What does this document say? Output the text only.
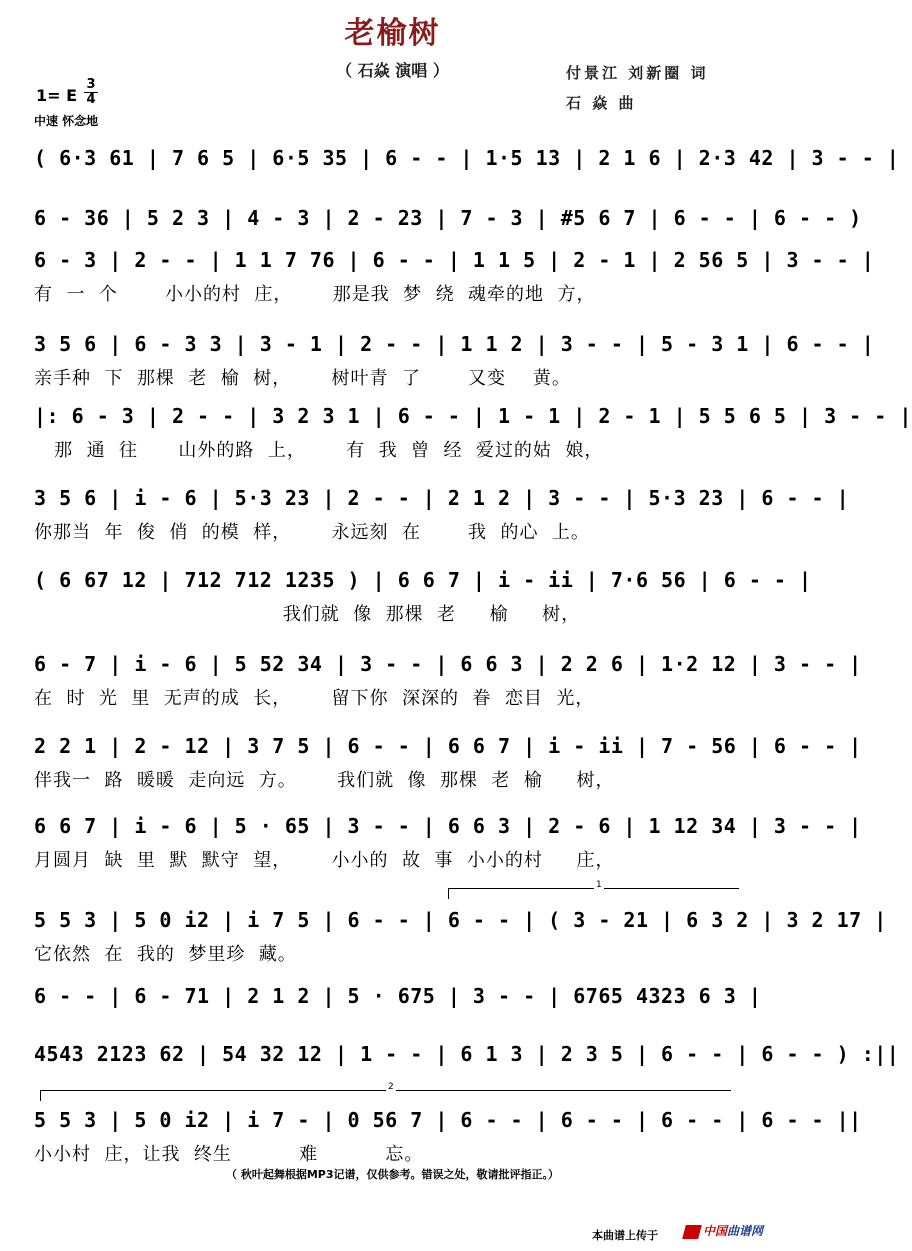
老榆树
（ 石焱 演唱 ）	付景江 刘新圈 词
石 焱 曲
1= E $\frac{3}{4}$
中速 怀念地
( 6·3 61 | 7 6 5 | 6·5 35 | 6 - - | 1·5 13 | 2 1 6 | 2·3 42 | 3 - - |
6 - 36 | 5 2 3 | 4 - 3 | 2 - 23 | 7 - 3 | #5 6 7 | 6 - - | 6 - - )
6 - 3 | 2 - - | 1 1 7 76 | 6 - - | 1 1 5 | 2 - 1 | 2 56 5 | 3 - - |
有  一  个       小小的村  庄，      那是我  梦  绕  魂牵的地  方，
3 5 6 | 6 - 3 3 | 3 - 1 | 2 - - | 1 1 2 | 3 - - | 5 - 3 1 | 6 - - |
亲手种  下  那棵  老  榆  树，      树叶青  了       又变    黄。
|: 6 - 3 | 2 - - | 3 2 3 1 | 6 - - | 1 - 1 | 2 - 1 | 5 5 6 5 | 3 - - |
那  通  往      山外的路  上，      有  我  曾  经  爱过的姑  娘，
3 5 6 | i - 6 | 5·3 23 | 2 - - | 2 1 2 | 3 - - | 5·3 23 | 6 - - |
你那当  年  俊  俏  的模  样，      永远刻  在       我  的心  上。
( 6 67 12 | 712 712 1235 ) | 6 6 7 | i - ii | 7·6 56 | 6 - - |
我们就  像  那棵  老     榆     树，
6 - 7 | i - 6 | 5 52 34 | 3 - - | 6 6 3 | 2 2 6 | 1·2 12 | 3 - - |
在  时  光  里  无声的成  长，      留下你  深深的  眷  恋目  光，
2 2 1 | 2 - 12 | 3 7 5 | 6 - - | 6 6 7 | i - ii | 7 - 56 | 6 - - |
伴我一  路  暖暖  走向远  方。      我们就  像  那棵  老  榆     树，
6 6 7 | i - 6 | 5 · 65 | 3 - - | 6 6 3 | 2 - 6 | 1 12 34 | 3 - - |
月圆月  缺  里  默  默守  望，      小小的  故  事  小小的村     庄，
1
5 5 3 | 5 0 i2 | i 7 5 | 6 - - | 6 - - | ( 3 - 21 | 6 3 2 | 3 2 17 |
它依然  在  我的  梦里珍  藏。
6 - - | 6 - 71 | 2 1 2 | 5 · 675 | 3 - - | 6765 4323 6 3 |
4543 2123 62 | 54 32 12 | 1 - - | 6 1 3 | 2 3 5 | 6 - - | 6 - - ) :||
2
5 5 3 | 5 0 i2 | i 7 - | 0 56 7 | 6 - - | 6 - - | 6 - - | 6 - - ||
小小村  庄，让我  终生          难          忘。
（ 秋叶起舞根据MP3记谱，仅供参考。错误之处，敬请批评指正。）
本曲谱上传于	中国曲谱网
